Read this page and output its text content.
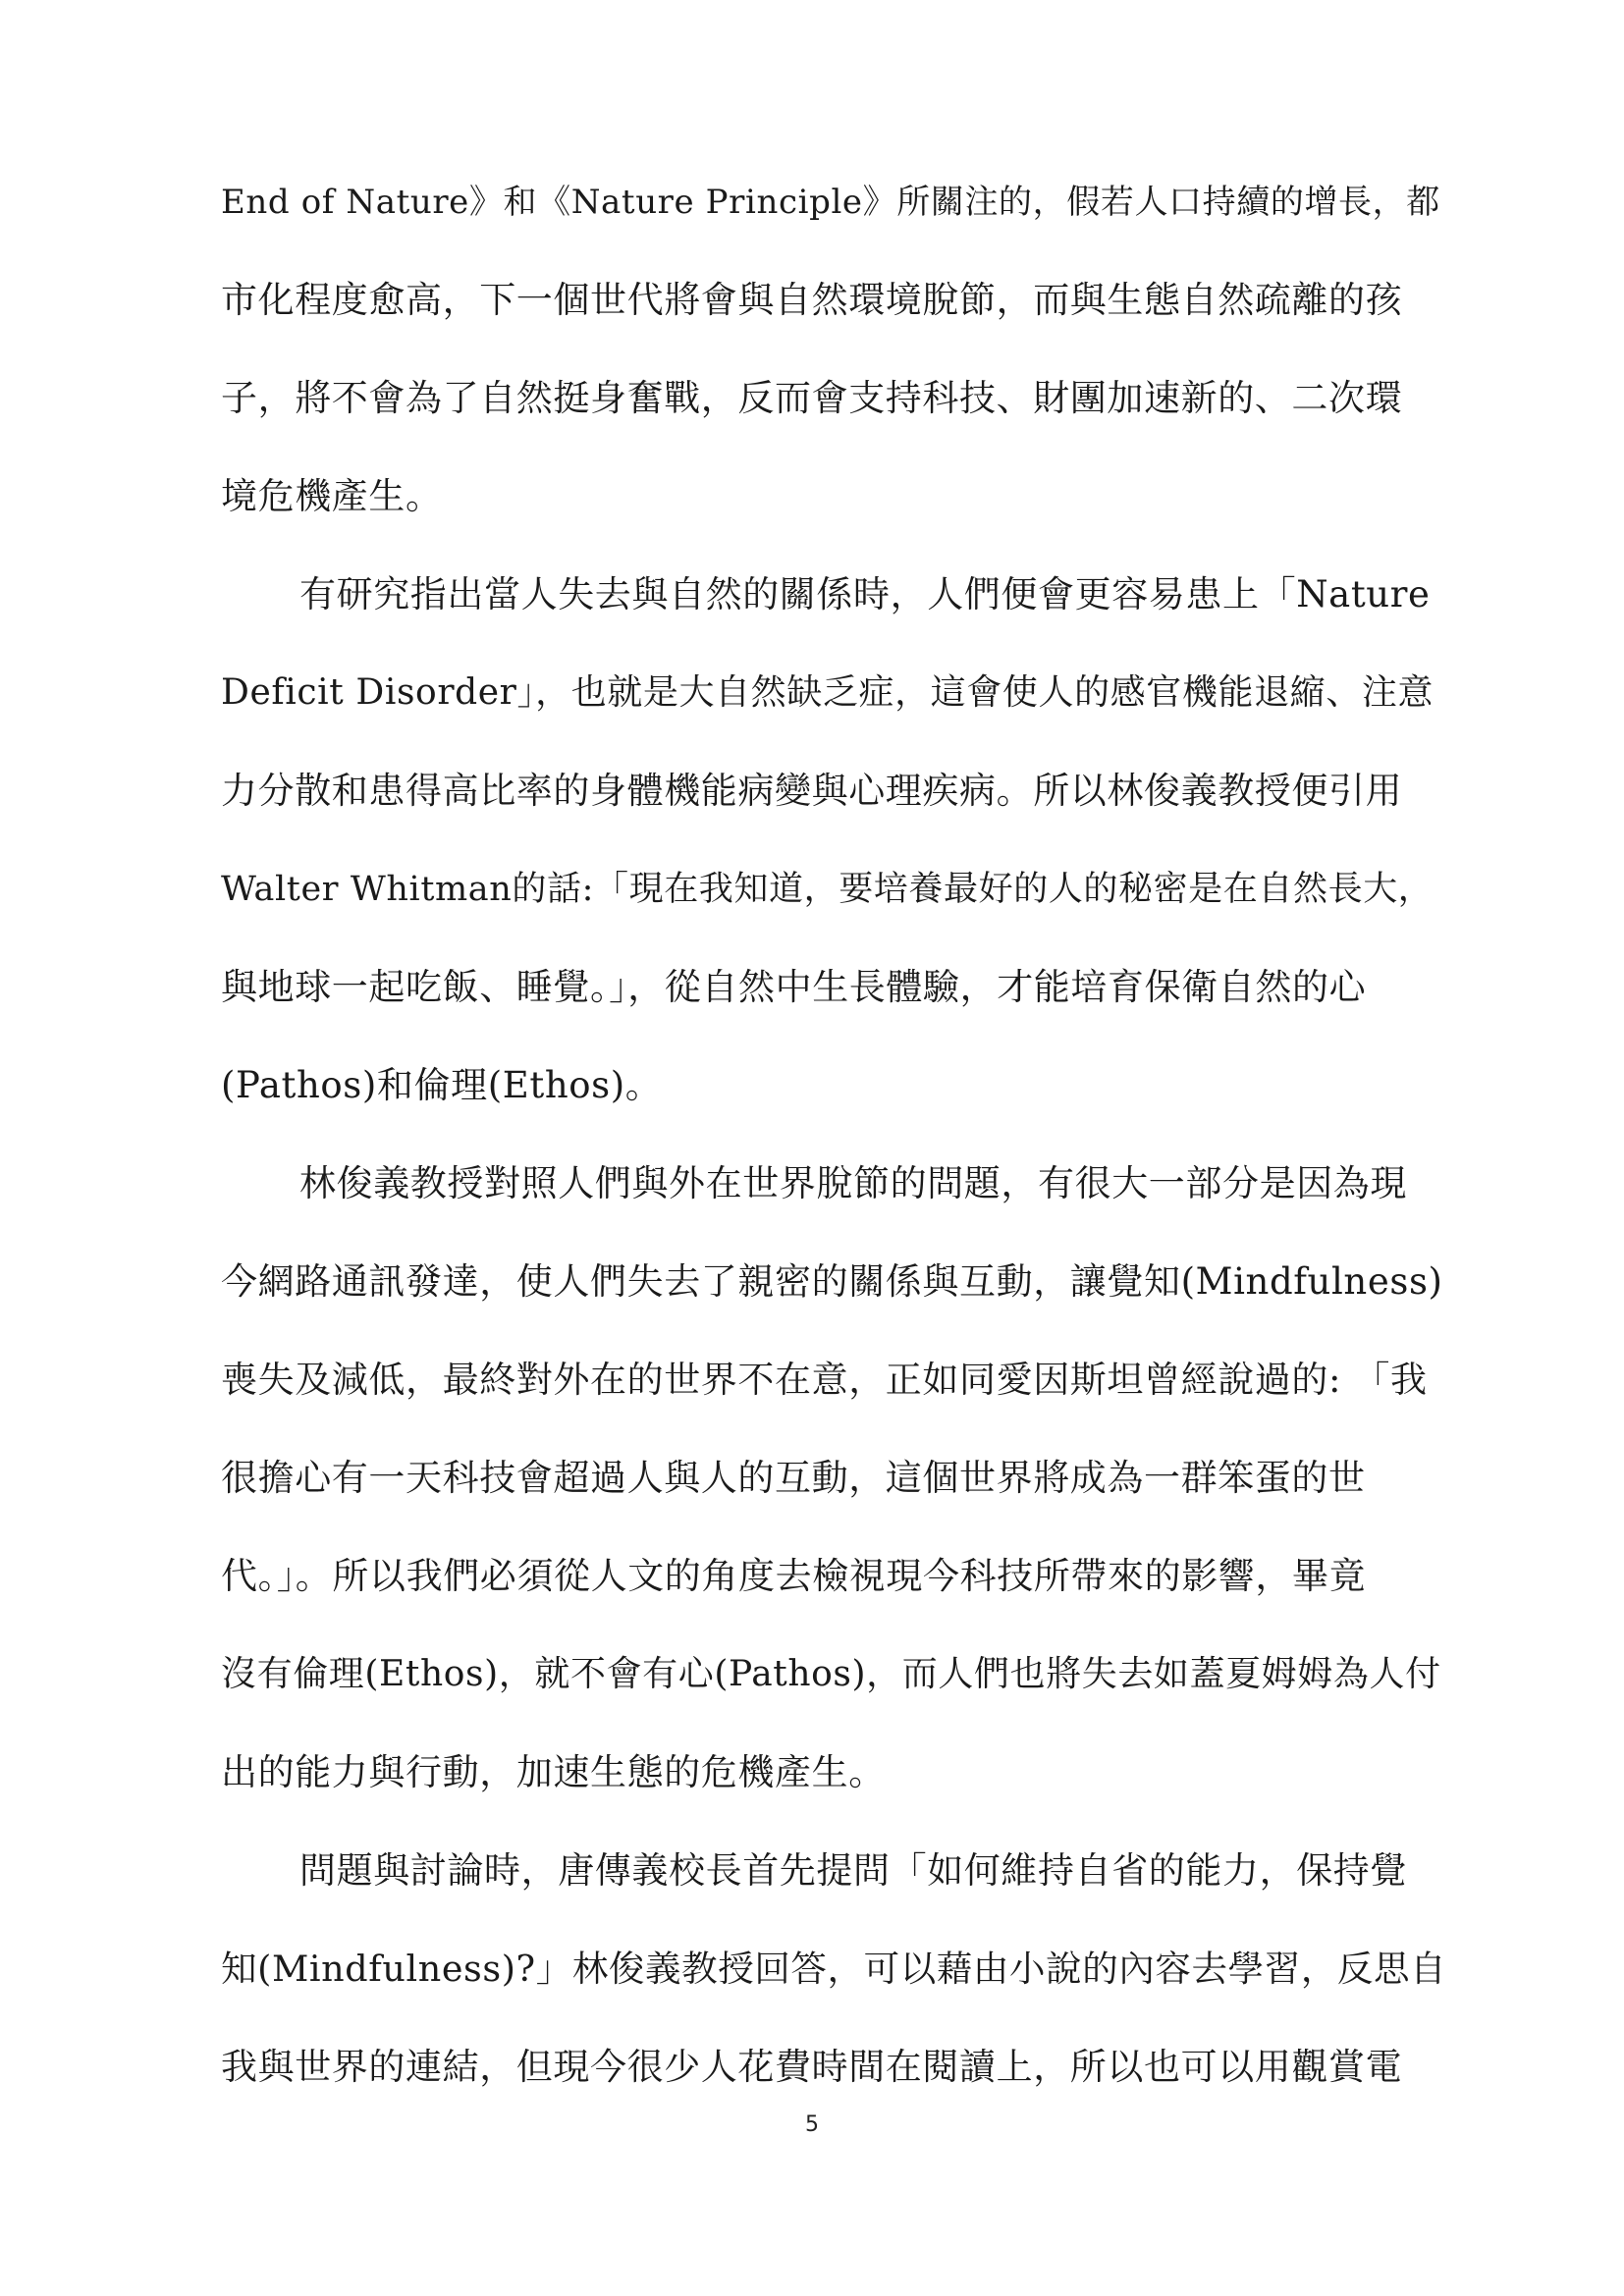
End of Nature》和《Nature Principle》所關注的，假若人口持續的增長，都
市化程度愈高，下一個世代將會與自然環境脫節，而與生態自然疏離的孩
子，將不會為了自然挺身奮戰，反而會支持科技、財團加速新的、二次環
境危機產生。
有研究指出當人失去與自然的關係時，人們便會更容易患上「Nature
Deficit Disorder」，也就是大自然缺乏症，這會使人的感官機能退縮、注意
力分散和患得高比率的身體機能病變與心理疾病。所以林俊義教授便引用
Walter Whitman的話:「現在我知道，要培養最好的人的秘密是在自然長大，
與地球一起吃飯、睡覺。」，從自然中生長體驗，才能培育保衛自然的心
(Pathos)和倫理(Ethos)。
林俊義教授對照人們與外在世界脫節的問題，有很大一部分是因為現
今網路通訊發達，使人們失去了親密的關係與互動，讓覺知(Mindfulness)
喪失及減低，最終對外在的世界不在意，正如同愛因斯坦曾經說過的: 「我
很擔心有一天科技會超過人與人的互動，這個世界將成為一群笨蛋的世
代。」。所以我們必須從人文的角度去檢視現今科技所帶來的影響，畢竟
沒有倫理(Ethos)，就不會有心(Pathos)，而人們也將失去如蓋夏姆姆為人付
出的能力與行動，加速生態的危機產生。
問題與討論時，唐傳義校長首先提問「如何維持自省的能力，保持覺
知(Mindfulness)?」林俊義教授回答，可以藉由小說的內容去學習，反思自
我與世界的連結，但現今很少人花費時間在閱讀上，所以也可以用觀賞電
5
